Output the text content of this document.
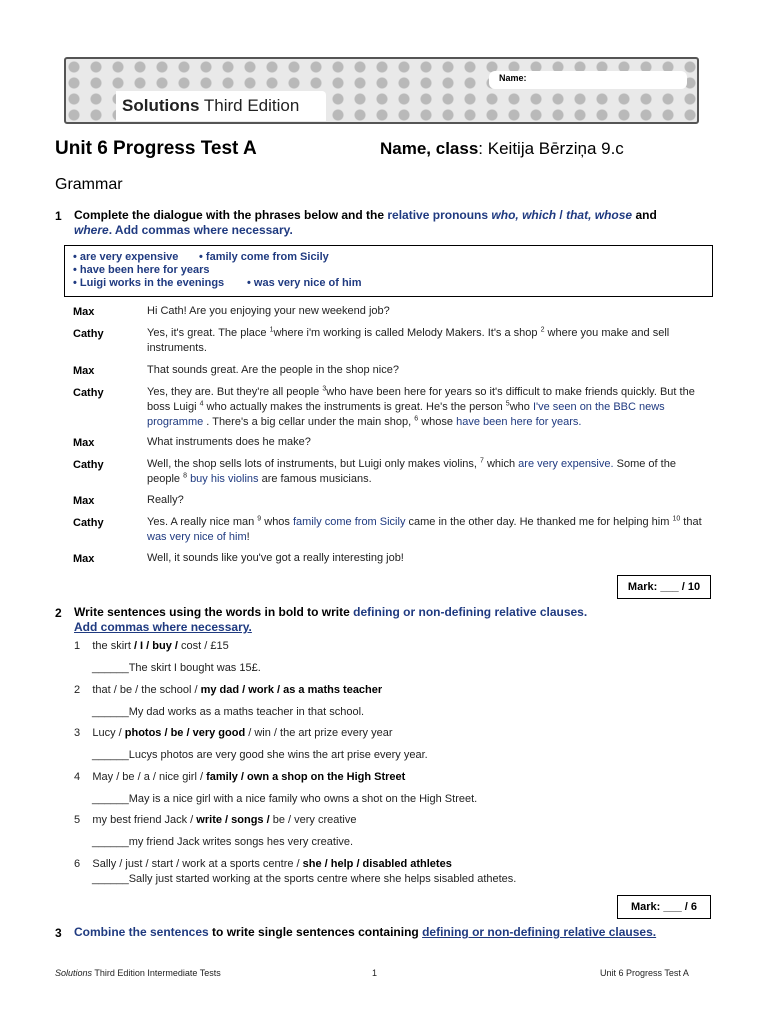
Name:
Solutions Third Edition
Unit 6 Progress Test A	Name, class: Keitija Bērziņa 9.c
Grammar
1 Complete the dialogue with the phrases below and the relative pronouns who, which / that, whose and
where. Add commas where necessary.
• are very expensive • family come from Sicily
• have been here for years
• Luigi works in the evenings • was very nice of him
Max	Hi Cath! Are you enjoying your new weekend job?
Cathy	Yes, it's great. The place $^1$where i'm working is called Melody Makers. It's a shop $^2$ where you make and sell instruments.
Max	That sounds great. Are the people in the shop nice?
Cathy	Yes, they are. But they're all people $^3$who have been here for years so it's difficult to make friends quickly. But the boss Luigi $^4$ who actually makes the instruments is great. He's the person $^5$who I've seen on the BBC news programme . There's a big cellar under the main shop, $^6$ whose have been here for years.
Max	What instruments does he make?
Cathy	Well, the shop sells lots of instruments, but Luigi only makes violins, $^7$ which are very expensive. Some of the people $^8$ buy his violins are famous musicians.
Max	Really?
Cathy	Yes. A really nice man $^9$ whos family come from Sicily came in the other day. He thanked me for helping him $^{10}$ that was very nice of him!
Max	Well, it sounds like you've got a really interesting job!
Mark: ___ / 10
2 Write sentences using the words in bold to write defining or non-defining relative clauses.
Add commas where necessary.
1 the skirt / I / buy / cost / £15
______The skirt I bought was 15£.
2 that / be / the school / my dad / work / as a maths teacher
______My dad works as a maths teacher in that school.
3 Lucy / photos / be / very good / win / the art prize every year
______Lucys photos are very good she wins the art prise every year.
4 May / be / a / nice girl / family / own a shop on the High Street
______May is a nice girl with a nice family who owns a shot on the High Street.
5 my best friend Jack / write / songs / be / very creative
______my friend Jack writes songs hes very creative.
6 Sally / just / start / work at a sports centre / she / help / disabled athletes
______Sally just started working at the sports centre where she helps sisabled athetes.
Mark: ___ / 6
3 Combine the sentences to write single sentences containing defining or non-defining relative clauses.
Solutions Third Edition Intermediate Tests	1	Unit 6 Progress Test A
